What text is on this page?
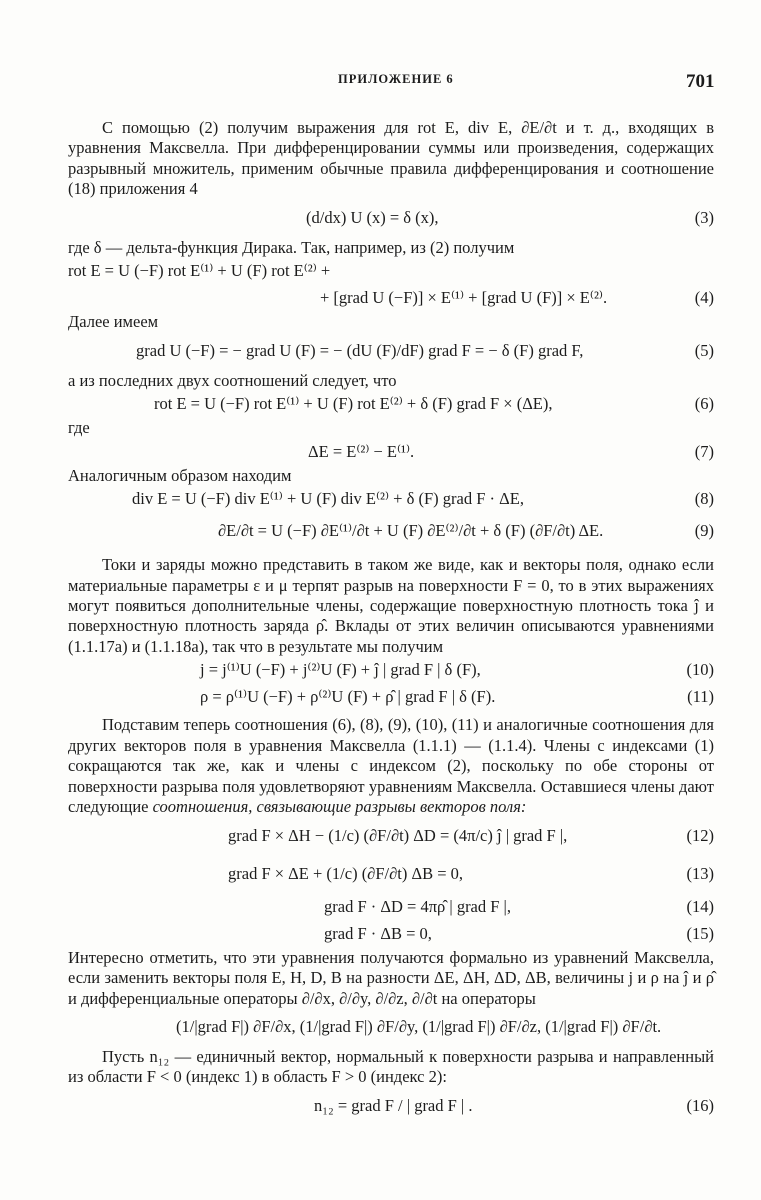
ПРИЛОЖЕНИЕ 6	701

С помощью (2) получим выражения для rot E, div E, ∂E/∂t и т. д., входящих в уравнения Максвелла. При дифференцировании суммы или произведения, содержащих разрывный множитель, применим обычные правила дифференцирования и соотношение (18) приложения 4

(d/dx) U (x) = δ (x),	(3)

где δ — дельта-функция Дирака. Так, например, из (2) получим

rot E = U (−F) rot E⁽¹⁾ + U (F) rot E⁽²⁾ +
+ [grad U (−F)] × E⁽¹⁾ + [grad U (F)] × E⁽²⁾.	(4)

Далее имеем

grad U (−F) = − grad U (F) = − (dU (F)/dF) grad F = − δ (F) grad F,	(5)

а из последних двух соотношений следует, что

rot E = U (−F) rot E⁽¹⁾ + U (F) rot E⁽²⁾ + δ (F) grad F × (ΔE),	(6)

где

ΔE = E⁽²⁾ − E⁽¹⁾.	(7)

Аналогичным образом находим

div E = U (−F) div E⁽¹⁾ + U (F) div E⁽²⁾ + δ (F) grad F · ΔE,	(8)
∂E/∂t = U (−F) ∂E⁽¹⁾/∂t + U (F) ∂E⁽²⁾/∂t + δ (F) (∂F/∂t) ΔE.	(9)

Токи и заряды можно представить в таком же виде, как и векторы поля, однако если материальные параметры ε и μ терпят разрыв на поверхности F = 0, то в этих выражениях могут появиться дополнительные члены, содержащие поверхностную плотность тока ĵ и поверхностную плотность заряда ρ̂. Вклады от этих величин описываются уравнениями (1.1.17а) и (1.1.18а), так что в результате мы получим

j = j⁽¹⁾U (−F) + j⁽²⁾U (F) + ĵ | grad F | δ (F),	(10)
ρ = ρ⁽¹⁾U (−F) + ρ⁽²⁾U (F) + ρ̂ | grad F | δ (F).	(11)

Подставим теперь соотношения (6), (8), (9), (10), (11) и аналогичные соотношения для других векторов поля в уравнения Максвелла (1.1.1) — (1.1.4). Члены с индексами (1) сокращаются так же, как и члены с индексом (2), поскольку по обе стороны от поверхности разрыва поля удовлетворяют уравнениям Максвелла. Оставшиеся члены дают следующие соотношения, связывающие разрывы векторов поля:

grad F × ΔH − (1/c) (∂F/∂t) ΔD = (4π/c) ĵ | grad F |,	(12)
grad F × ΔE + (1/c) (∂F/∂t) ΔB = 0,	(13)
grad F · ΔD = 4πρ̂ | grad F |,	(14)
grad F · ΔB = 0,	(15)

Интересно отметить, что эти уравнения получаются формально из уравнений Максвелла, если заменить векторы поля E, H, D, B на разности ΔE, ΔH, ΔD, ΔB, величины j и ρ на ĵ и ρ̂ и дифференциальные операторы ∂/∂x, ∂/∂y, ∂/∂z, ∂/∂t на операторы

(1/|grad F|) ∂F/∂x, (1/|grad F|) ∂F/∂y, (1/|grad F|) ∂F/∂z, (1/|grad F|) ∂F/∂t.

Пусть n₁₂ — единичный вектор, нормальный к поверхности разрыва и направленный из области F < 0 (индекс 1) в область F > 0 (индекс 2):

n₁₂ = grad F / | grad F | .	(16)
